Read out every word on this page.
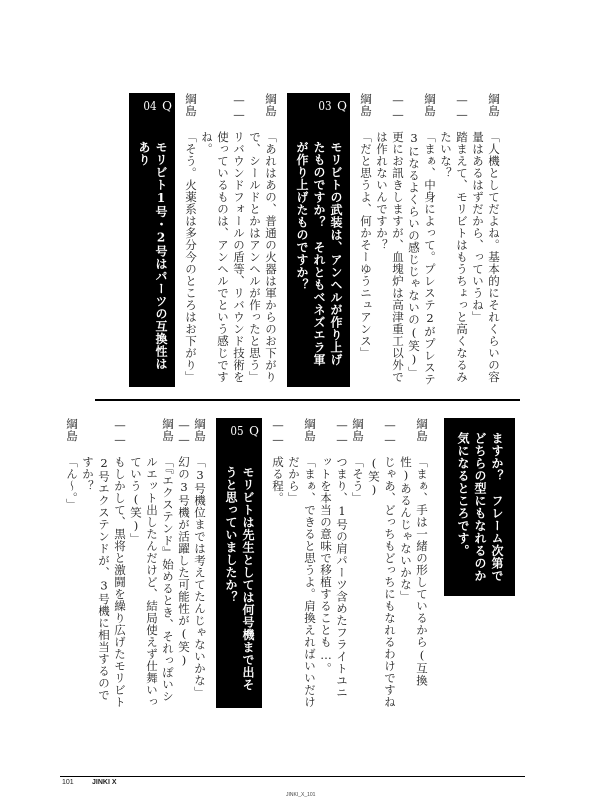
綱島
「人機としてだよね。基本的にそれくらいの容量はあるはずだから、っていうね」
——
踏まえて、モリビトはもうちょっと高くなるみたいな？
綱島
「まぁ、中身によって。プレステ2がプレステ3になるよくらいの感じじゃないの(笑)」
——
更にお訊きしますが、血塊炉は高津重工以外では作れないんですか？
綱島
「だと思うよ、何かそーゆうニュアンス」
Q
03
モリビトの武装は、アンヘルが作り上げたものですか？　それともベネズエラ軍が作り上げたものですか？
綱島
「あれはあの、普通の火器は軍からのお下がりで、シールドとかはアンヘルが作ったと思う」
——
リバウンドフォールの盾等、リバウンド技術を使っているものは、アンヘルでという感じですね。
綱島
「そう。火薬系は多分今のところはお下がり」
Q
04
モリビト1号・2号はパーツの互換性はあり
ますか？　フレーム次第でどちらの型にもなれるのか気になるところです。
綱島
「まぁ、手は一緒の形しているから(互換性)あるんじゃないかな」
——
じゃあ、どっちもどっちにもなれるわけですね(笑)
綱島
「そう」
——
つまり、1号の肩パーツ含めたフライトユニットを本当の意味で移植することも…。
綱島
「まぁ、できると思うよ。肩換えればいいだけだから」
——
成る程。
Q
05
モリビトは先生としては何号機まで出そうと思っていましたか？
綱島
「3号機位までは考えてたんじゃないかな」
——
幻の3号機が活躍した可能性が(笑)
綱島
「『エクステンド』始めるとき、それっぽいシルエット出したんだけど、結局使えず仕舞いっていう(笑)」
——
もしかして、黒将と激闘を繰り広げたモリビト2号エクステンドが、3号機に相当するのですか？
綱島
「ん〜。」
101	JINKI X
JINKI_X_101
